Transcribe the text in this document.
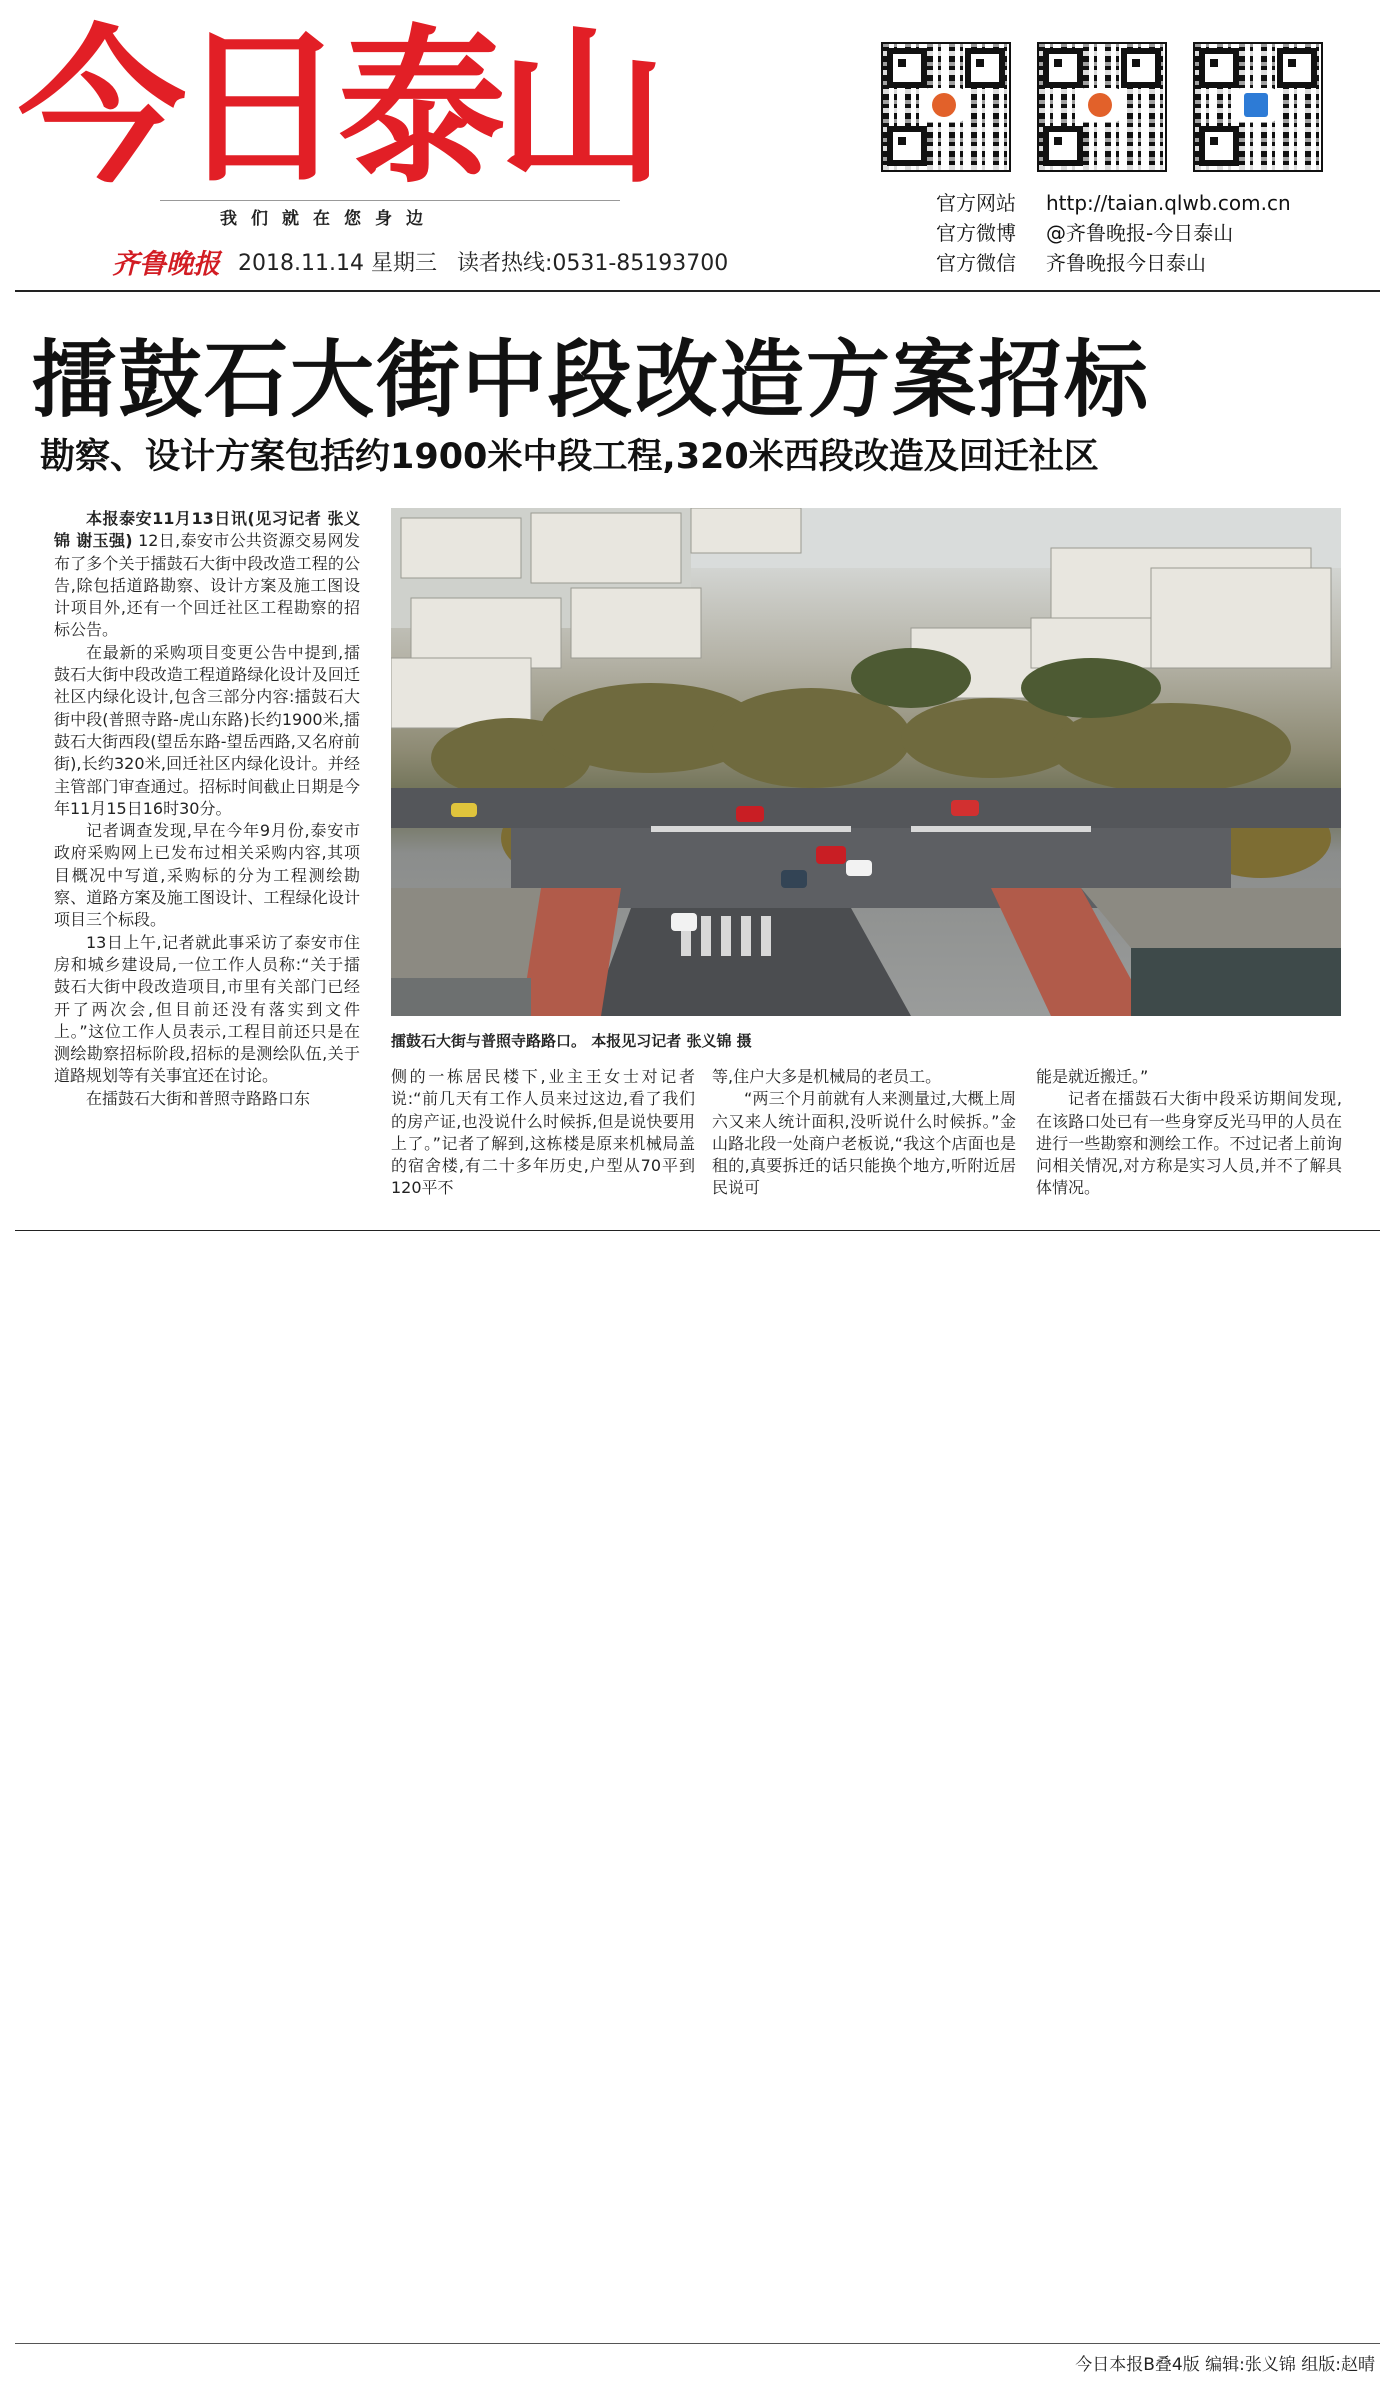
今日泰山
我们就在您身边
齐鲁晚报 2018.11.14 星期三 读者热线:0531-85193700
官方网站	http://taian.qlwb.com.cn
官方微博	@齐鲁晚报-今日泰山
官方微信	齐鲁晚报今日泰山
擂鼓石大街中段改造方案招标
勘察、设计方案包括约1900米中段工程,320米西段改造及回迁社区

本报泰安11月13日讯(见习记者 张义锦 谢玉强) 12日,泰安市公共资源交易网发布了多个关于擂鼓石大街中段改造工程的公告,除包括道路勘察、设计方案及施工图设计项目外,还有一个回迁社区工程勘察的招标公告。

在最新的采购项目变更公告中提到,擂鼓石大街中段改造工程道路绿化设计及回迁社区内绿化设计,包含三部分内容:擂鼓石大街中段(普照寺路-虎山东路)长约1900米,擂鼓石大街西段(望岳东路-望岳西路,又名府前街),长约320米,回迁社区内绿化设计。并经主管部门审查通过。招标时间截止日期是今年11月15日16时30分。

记者调查发现,早在今年9月份,泰安市政府采购网上已发布过相关采购内容,其项目概况中写道,采购标的分为工程测绘勘察、道路方案及施工图设计、工程绿化设计项目三个标段。

13日上午,记者就此事采访了泰安市住房和城乡建设局,一位工作人员称:“关于擂鼓石大街中段改造项目,市里有关部门已经开了两次会,但目前还没有落实到文件上。”这位工作人员表示,工程目前还只是在测绘勘察招标阶段,招标的是测绘队伍,关于道路规划等有关事宜还在讨论。

在擂鼓石大街和普照寺路路口东

擂鼓石大街与普照寺路路口。 本报见习记者 张义锦 摄

侧的一栋居民楼下,业主王女士对记者说:“前几天有工作人员来过这边,看了我们的房产证,也没说什么时候拆,但是说快要用上了。”记者了解到,这栋楼是原来机械局盖的宿舍楼,有二十多年历史,户型从70平到120平不

等,住户大多是机械局的老员工。

“两三个月前就有人来测量过,大概上周六又来人统计面积,没听说什么时候拆。”金山路北段一处商户老板说,“我这个店面也是租的,真要拆迁的话只能换个地方,听附近居民说可

能是就近搬迁。”

记者在擂鼓石大街中段采访期间发现,在该路口处已有一些身穿反光马甲的人员在进行一些勘察和测绘工作。不过记者上前询问相关情况,对方称是实习人员,并不了解具体情况。

今日本报B叠4版 编辑:张义锦 组版:赵晴
